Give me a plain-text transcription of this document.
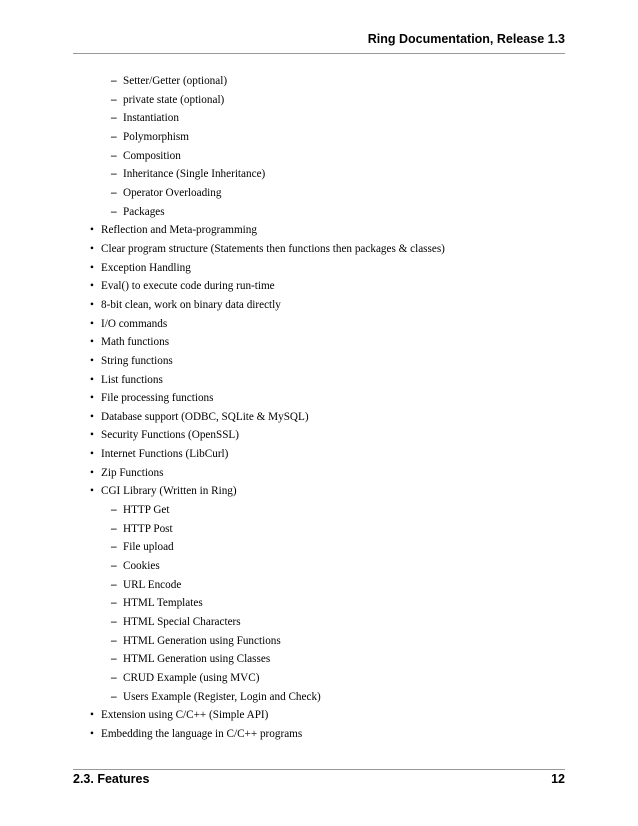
Ring Documentation, Release 1.3
– Setter/Getter (optional)
– private state (optional)
– Instantiation
– Polymorphism
– Composition
– Inheritance (Single Inheritance)
– Operator Overloading
– Packages
• Reflection and Meta-programming
• Clear program structure (Statements then functions then packages & classes)
• Exception Handling
• Eval() to execute code during run-time
• 8-bit clean, work on binary data directly
• I/O commands
• Math functions
• String functions
• List functions
• File processing functions
• Database support (ODBC, SQLite & MySQL)
• Security Functions (OpenSSL)
• Internet Functions (LibCurl)
• Zip Functions
• CGI Library (Written in Ring)
– HTTP Get
– HTTP Post
– File upload
– Cookies
– URL Encode
– HTML Templates
– HTML Special Characters
– HTML Generation using Functions
– HTML Generation using Classes
– CRUD Example (using MVC)
– Users Example (Register, Login and Check)
• Extension using C/C++ (Simple API)
• Embedding the language in C/C++ programs
2.3. Features	12
